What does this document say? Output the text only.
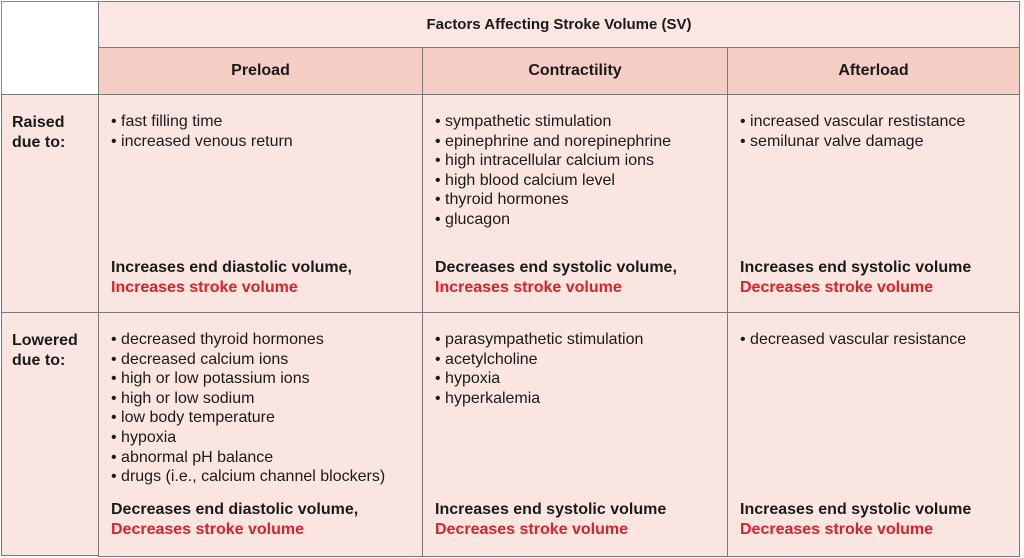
Factors Affecting Stroke Volume (SV)
Preload	Contractility	Afterload
Raised
due to:
• fast filling time
• increased venous return
Increases end diastolic volume,
Increases stroke volume
• sympathetic stimulation
• epinephrine and norepinephrine
• high intracellular calcium ions
• high blood calcium level
• thyroid hormones
• glucagon
Decreases end systolic volume,
Increases stroke volume
• increased vascular restistance
• semilunar valve damage
Increases end systolic volume
Decreases stroke volume
Lowered
due to:
• decreased thyroid hormones
• decreased calcium ions
• high or low potassium ions
• high or low sodium
• low body temperature
• hypoxia
• abnormal pH balance
• drugs (i.e., calcium channel blockers)
Decreases end diastolic volume,
Decreases stroke volume
• parasympathetic stimulation
• acetylcholine
• hypoxia
• hyperkalemia
Increases end systolic volume
Decreases stroke volume
• decreased vascular resistance
Increases end systolic volume
Decreases stroke volume
